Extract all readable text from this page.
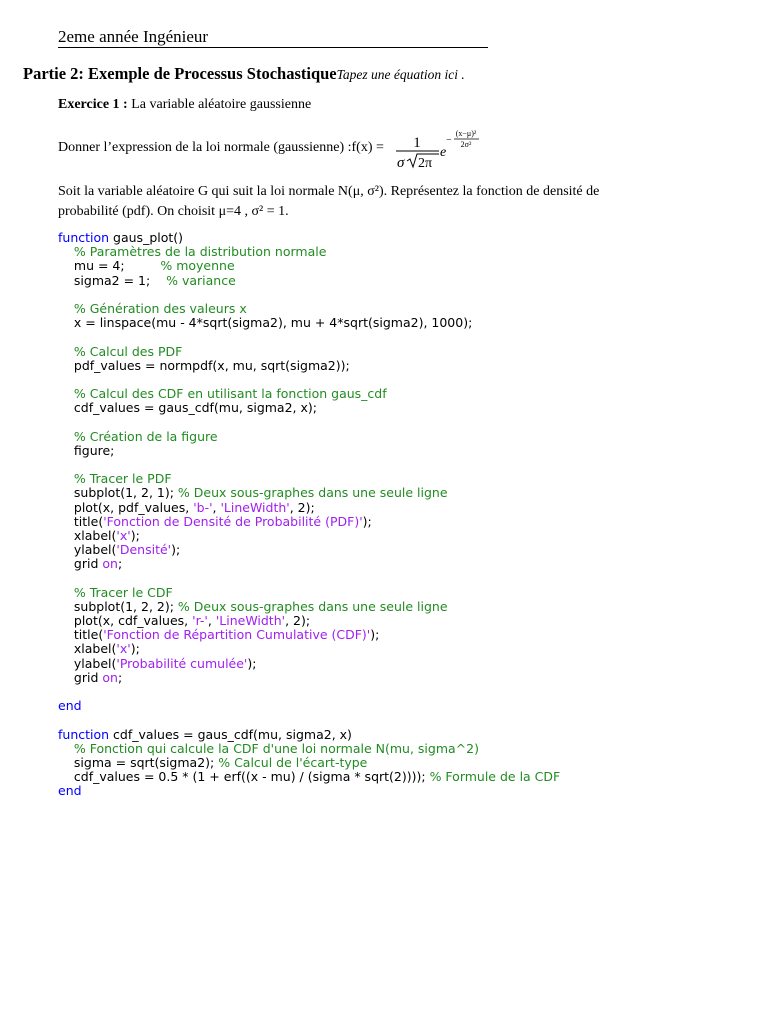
2eme année Ingénieur
Partie 2: Exemple de Processus StochastiqueTapez une équation ici .
Exercice 1 : La variable aléatoire gaussienne
Donner l’expression de la loi normale (gaussienne) :f(x) = 1
σ 2π
e
−
(x−μ)²
2σ²
Soit la variable aléatoire G qui suit la loi normale N(μ, σ²). Représentez la fonction de densité de
probabilité (pdf). On choisit μ=4 , σ² = 1.
function gaus_plot()
% Paramètres de la distribution normale
mu = 4;         % moyenne
sigma2 = 1;    % variance
% Génération des valeurs x
x = linspace(mu - 4*sqrt(sigma2), mu + 4*sqrt(sigma2), 1000);
% Calcul des PDF
pdf_values = normpdf(x, mu, sqrt(sigma2));
% Calcul des CDF en utilisant la fonction gaus_cdf
cdf_values = gaus_cdf(mu, sigma2, x);
% Création de la figure
figure;
% Tracer le PDF
subplot(1, 2, 1); % Deux sous-graphes dans une seule ligne
plot(x, pdf_values, 'b-', 'LineWidth', 2);
title('Fonction de Densité de Probabilité (PDF)');
xlabel('x');
ylabel('Densité');
grid on;
% Tracer le CDF
subplot(1, 2, 2); % Deux sous-graphes dans une seule ligne
plot(x, cdf_values, 'r-', 'LineWidth', 2);
title('Fonction de Répartition Cumulative (CDF)');
xlabel('x');
ylabel('Probabilité cumulée');
grid on;
end
function cdf_values = gaus_cdf(mu, sigma2, x)
% Fonction qui calcule la CDF d'une loi normale N(mu, sigma^2)
sigma = sqrt(sigma2); % Calcul de l'écart-type
cdf_values = 0.5 * (1 + erf((x - mu) / (sigma * sqrt(2)))); % Formule de la CDF
end
